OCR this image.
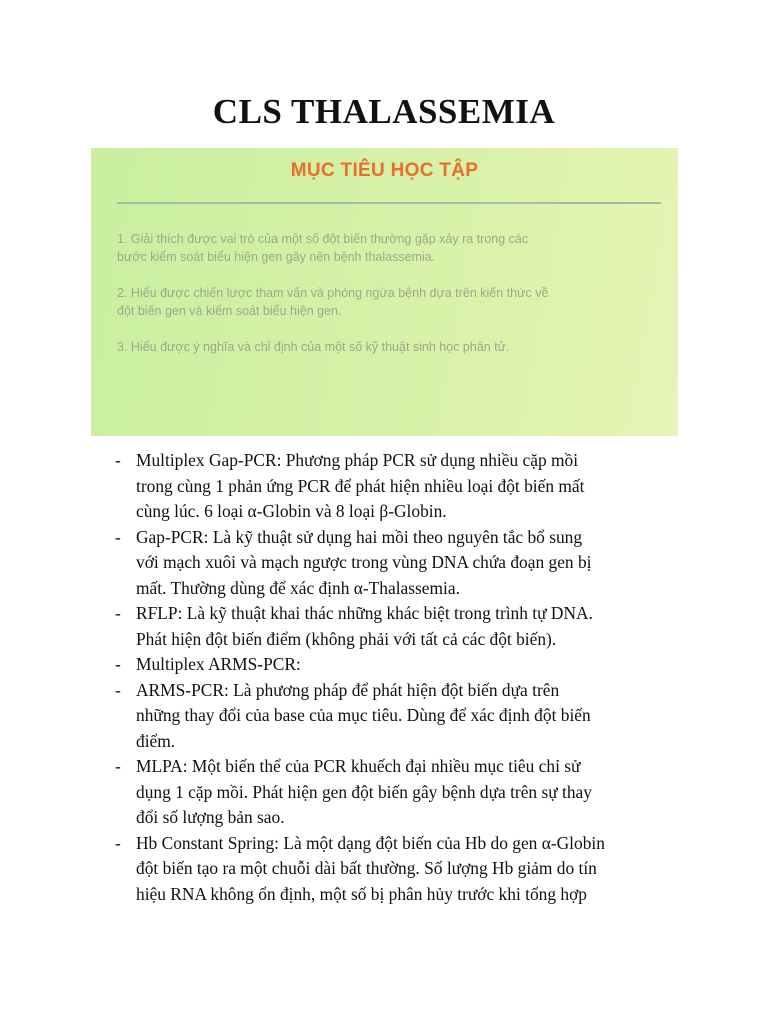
CLS THALASSEMIA
MỤC TIÊU HỌC TẬP
1. Giải thích được vai trò của một số đột biến thường gặp xảy ra trong các
bước kiểm soát biểu hiện gen gây nên bệnh thalassemia.
2. Hiểu được chiến lược tham vấn và phòng ngừa bệnh dựa trên kiến thức về
đột biến gen và kiểm soát biểu hiện gen.
3. Hiểu được ý nghĩa và chỉ định của một số kỹ thuật sinh học phân tử.
- Multiplex Gap-PCR: Phương pháp PCR sử dụng nhiều cặp mồi
trong cùng 1 phản ứng PCR để phát hiện nhiều loại đột biến mất
cùng lúc. 6 loại α-Globin và 8 loại β-Globin.
- Gap-PCR: Là kỹ thuật sử dụng hai mồi theo nguyên tắc bổ sung
với mạch xuôi và mạch ngược trong vùng DNA chứa đoạn gen bị
mất. Thường dùng để xác định α-Thalassemia.
- RFLP: Là kỹ thuật khai thác những khác biệt trong trình tự DNA.
Phát hiện đột biến điểm (không phải với tất cả các đột biến).
- Multiplex ARMS-PCR:
- ARMS-PCR: Là phương pháp để phát hiện đột biến dựa trên
những thay đổi của base của mục tiêu. Dùng để xác định đột biến
điểm.
- MLPA: Một biến thể của PCR khuếch đại nhiều mục tiêu chỉ sử
dụng 1 cặp mồi. Phát hiện gen đột biến gây bệnh dựa trên sự thay
đổi số lượng bản sao.
- Hb Constant Spring: Là một dạng đột biến của Hb do gen α-Globin
đột biến tạo ra một chuỗi dài bất thường. Số lượng Hb giảm do tín
hiệu RNA không ổn định, một số bị phân hủy trước khi tổng hợp
